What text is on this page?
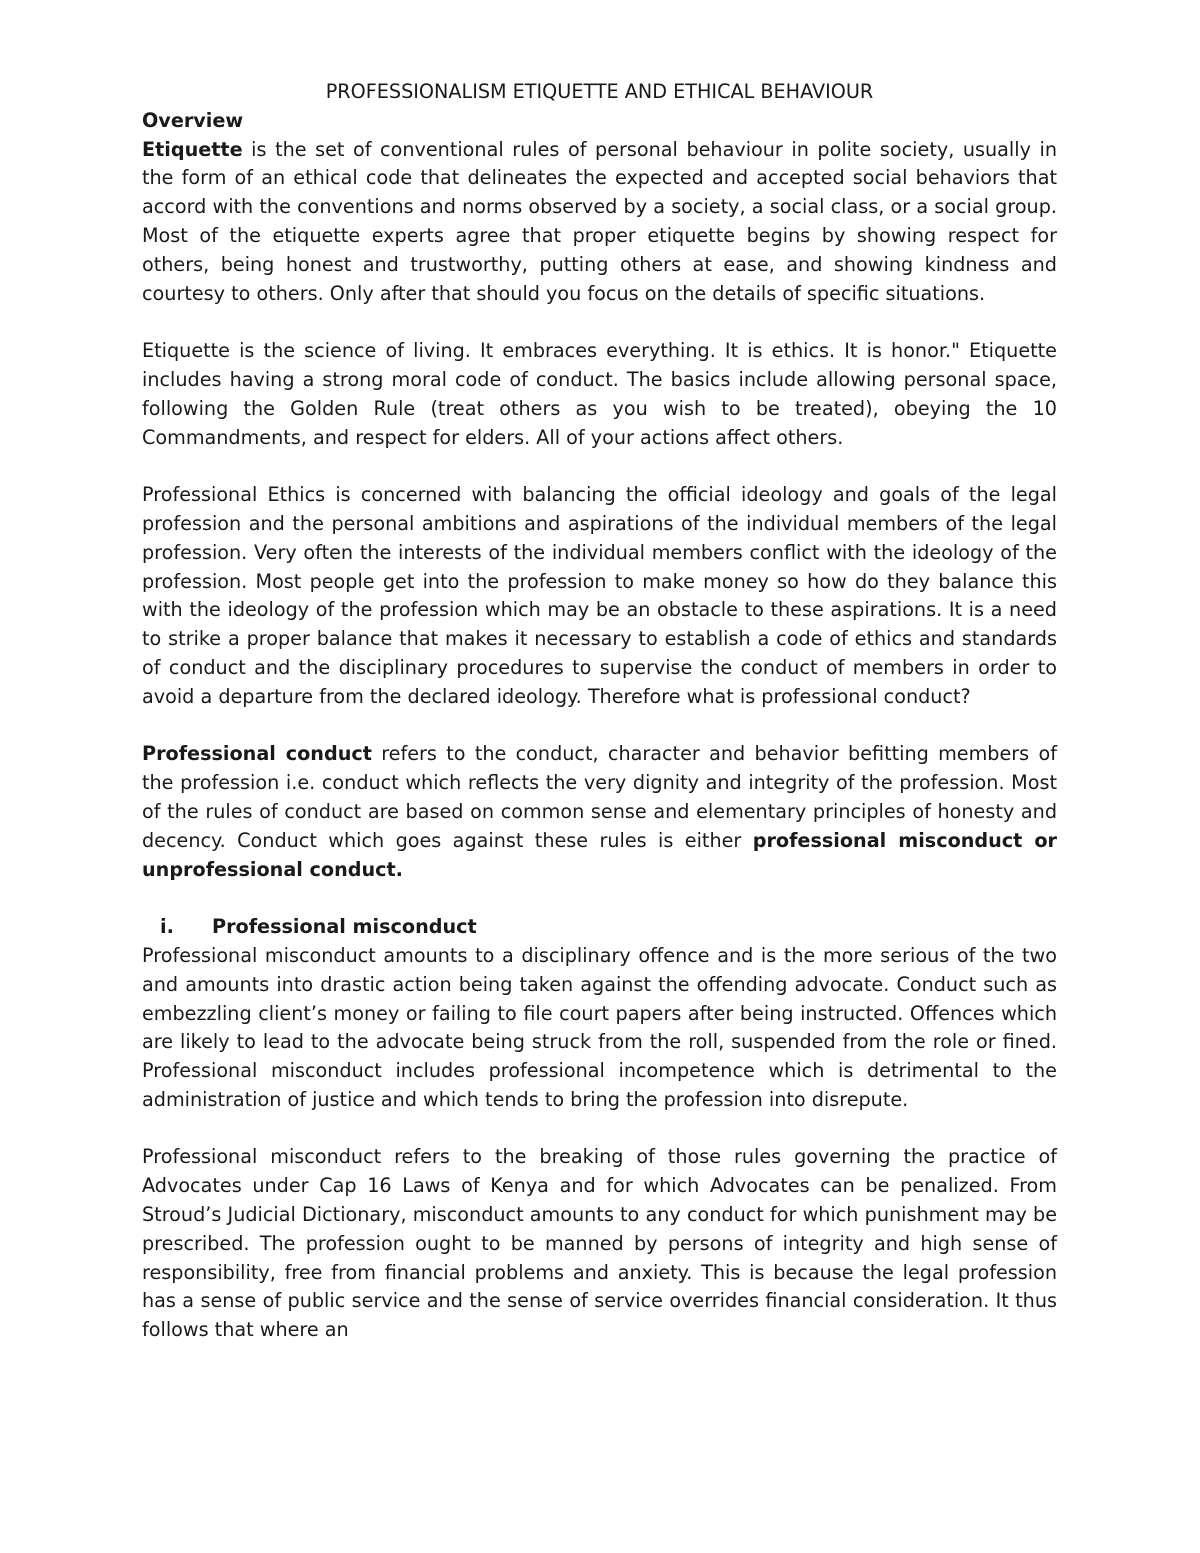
PROFESSIONALISM ETIQUETTE AND ETHICAL BEHAVIOUR
Overview

Etiquette is the set of conventional rules of personal behaviour in polite society, usually in the form of an ethical code that delineates the expected and accepted social behaviors that accord with the conventions and norms observed by a society, a social class, or a social group. Most of the etiquette experts agree that proper etiquette begins by showing respect for others, being honest and trustworthy, putting others at ease, and showing kindness and courtesy to others. Only after that should you focus on the details of specific situations.

Etiquette is the science of living. It embraces everything. It is ethics. It is honor." Etiquette includes having a strong moral code of conduct. The basics include allowing personal space, following the Golden Rule (treat others as you wish to be treated), obeying the 10 Commandments, and respect for elders. All of your actions affect others.

Professional Ethics is concerned with balancing the official ideology and goals of the legal profession and the personal ambitions and aspirations of the individual members of the legal profession. Very often the interests of the individual members conflict with the ideology of the profession. Most people get into the profession to make money so how do they balance this with the ideology of the profession which may be an obstacle to these aspirations. It is a need to strike a proper balance that makes it necessary to establish a code of ethics and standards of conduct and the disciplinary procedures to supervise the conduct of members in order to avoid a departure from the declared ideology. Therefore what is professional conduct?

Professional conduct refers to the conduct, character and behavior befitting members of the profession i.e. conduct which reflects the very dignity and integrity of the profession. Most of the rules of conduct are based on common sense and elementary principles of honesty and decency. Conduct which goes against these rules is either professional misconduct or unprofessional conduct.

i.	Professional misconduct

Professional misconduct amounts to a disciplinary offence and is the more serious of the two and amounts into drastic action being taken against the offending advocate. Conduct such as embezzling client’s money or failing to file court papers after being instructed. Offences which are likely to lead to the advocate being struck from the roll, suspended from the role or fined. Professional misconduct includes professional incompetence which is detrimental to the administration of justice and which tends to bring the profession into disrepute.

Professional misconduct refers to the breaking of those rules governing the practice of Advocates under Cap 16 Laws of Kenya and for which Advocates can be penalized. From Stroud’s Judicial Dictionary, misconduct amounts to any conduct for which punishment may be prescribed. The profession ought to be manned by persons of integrity and high sense of responsibility, free from financial problems and anxiety. This is because the legal profession has a sense of public service and the sense of service overrides financial consideration. It thus follows that where an
